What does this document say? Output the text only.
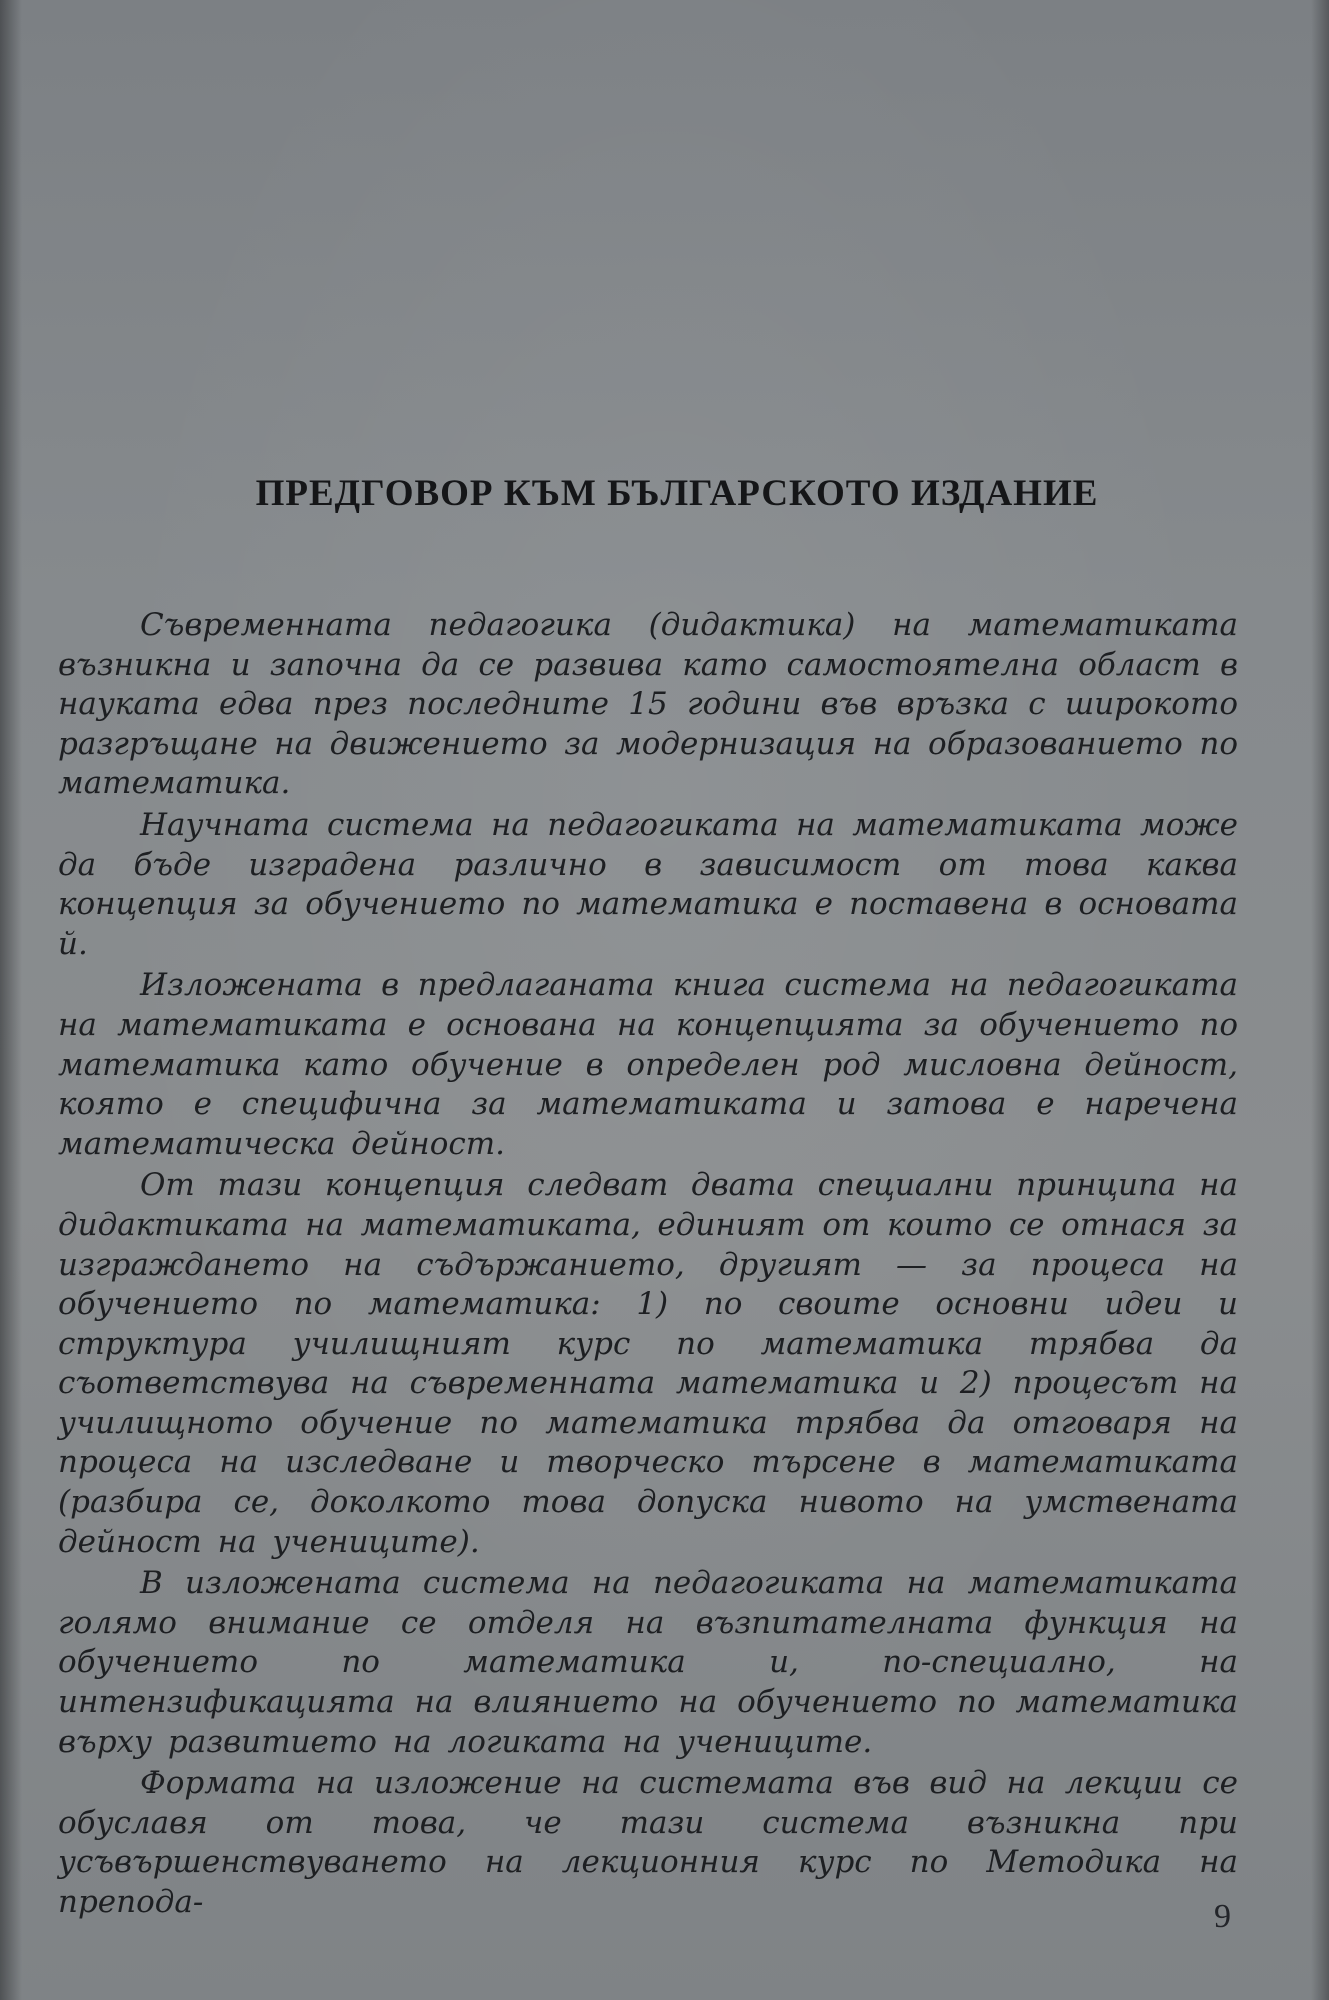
ПРЕДГОВОР КЪМ БЪЛГАРСКОТО ИЗДАНИЕ

Съвременната педагогика (дидактика) на математиката възникна и започна да се развива като самостоятелна област в науката едва през последните 15 години във връзка с широкото разгръщане на движението за модернизация на образованието по математика.

Научната система на педагогиката на математиката може да бъде изградена различно в зависимост от това каква концепция за обучението по математика е поставена в основата й.

Изложената в предлаганата книга система на педагогиката на математиката е основана на концепцията за обучението по математика като обучение в определен род мисловна дейност, която е специфична за математиката и затова е наречена математическа дейност.

От тази концепция следват двата специални принципа на дидактиката на математиката, единият от които се отнася за изграждането на съдържанието, другият — за процеса на обучението по математика: 1) по своите основни идеи и структура училищният курс по математика трябва да съответствува на съвременната математика и 2) процесът на училищното обучение по математика трябва да отговаря на процеса на изследване и творческо търсене в математиката (разбира се, доколкото това допуска нивото на умствената дейност на учениците).

В изложената система на педагогиката на математиката голямо внимание се отделя на възпитателната функция на обучението по математика и, по-специално, на интензификацията на влиянието на обучението по математика върху развитието на логиката на учениците.

Формата на изложение на системата във вид на лекции се обуславя от това, че тази система възникна при усъвършенствуването на лекционния курс по Методика на препода-	9
